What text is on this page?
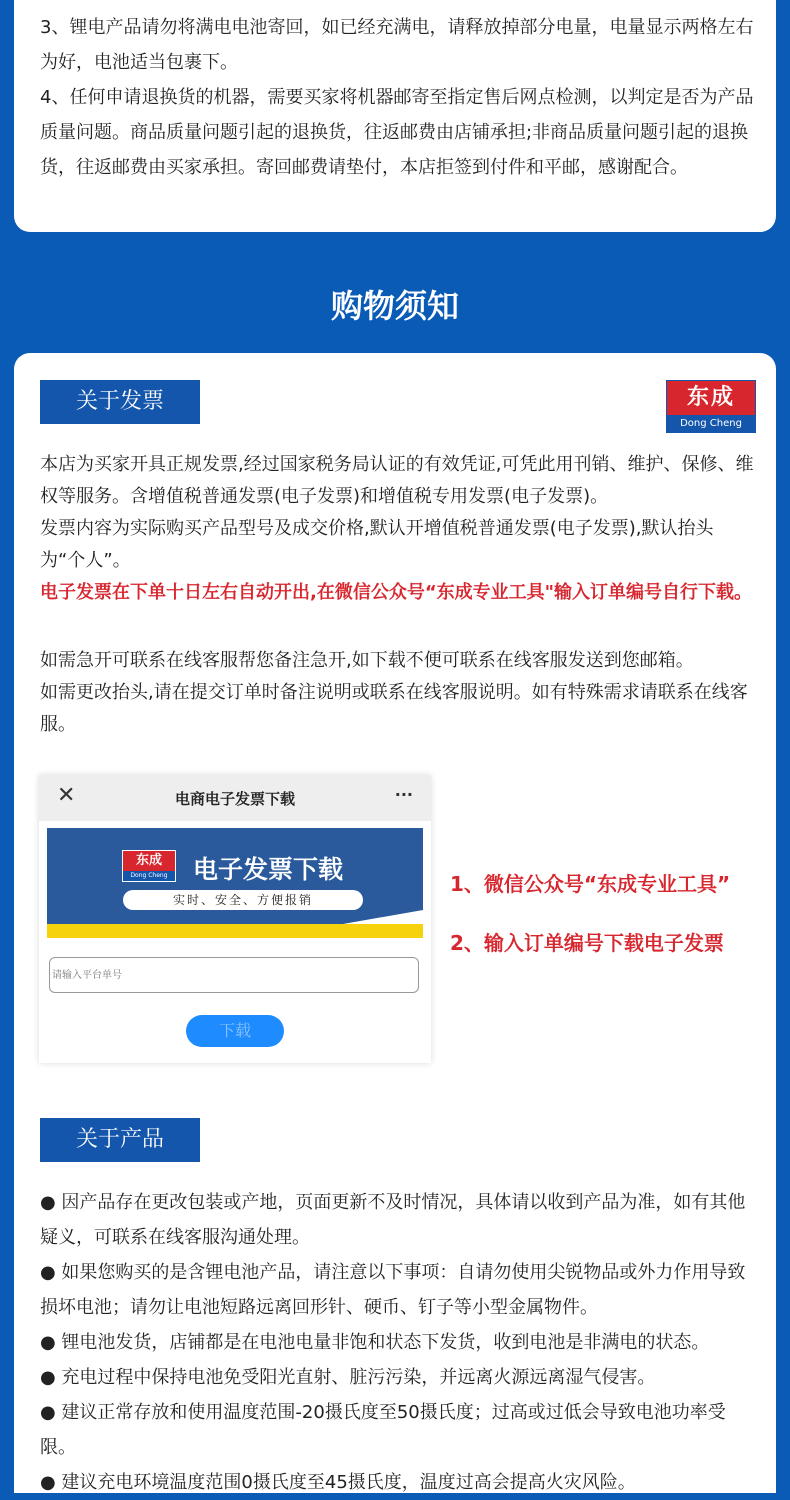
3、锂电产品请勿将满电电池寄回，如已经充满电，请释放掉部分电量，电量显示两格左右为好，电池适当包裹下。

4、任何申请退换货的机器，需要买家将机器邮寄至指定售后网点检测，以判定是否为产品质量问题。商品质量问题引起的退换货，往返邮费由店铺承担;非商品质量问题引起的退换货，往返邮费由买家承担。寄回邮费请垫付，本店拒签到付件和平邮，感谢配合。

购物须知
关于发票	东成
Dong Cheng

本店为买家开具正规发票,经过国家税务局认证的有效凭证,可凭此用刊销、维护、保修、维权等服务。含增值税普通发票(电子发票)和增值税专用发票(电子发票)。

发票内容为实际购买产品型号及成交价格,默认开增值税普通发票(电子发票),默认抬头为“个人”。

电子发票在下单十日左右自动开出,在微信公众号“东成专业工具"输入订单编号自行下载。

如需急开可联系在线客服帮您备注急开,如下载不便可联系在线客服发送到您邮箱。

如需更改抬头,请在提交订单时备注说明或联系在线客服说明。如有特殊需求请联系在线客服。

✕	电商电子发票下载	···
东成
Dong Cheng 电子发票下载
实时、安全、方便报销
请输入平台单号
下载
1、微信公众号“东成专业工具”
2、输入订单编号下载电子发票
关于产品

● 因产品存在更改包装或产地，页面更新不及时情况，具体请以收到产品为准，如有其他疑义，可联系在线客服沟通处理。

● 如果您购买的是含锂电池产品，请注意以下事项：自请勿使用尖锐物品或外力作用导致损坏电池；请勿让电池短路远离回形针、硬币、钉子等小型金属物件。

● 锂电池发货，店铺都是在电池电量非饱和状态下发货，收到电池是非满电的状态。

● 充电过程中保持电池免受阳光直射、脏污污染，并远离火源远离湿气侵害。

● 建议正常存放和使用温度范围-20摄氏度至50摄氏度；过高或过低会导致电池功率受限。

● 建议充电环境温度范围0摄氏度至45摄氏度，温度过高会提高火灾风险。
